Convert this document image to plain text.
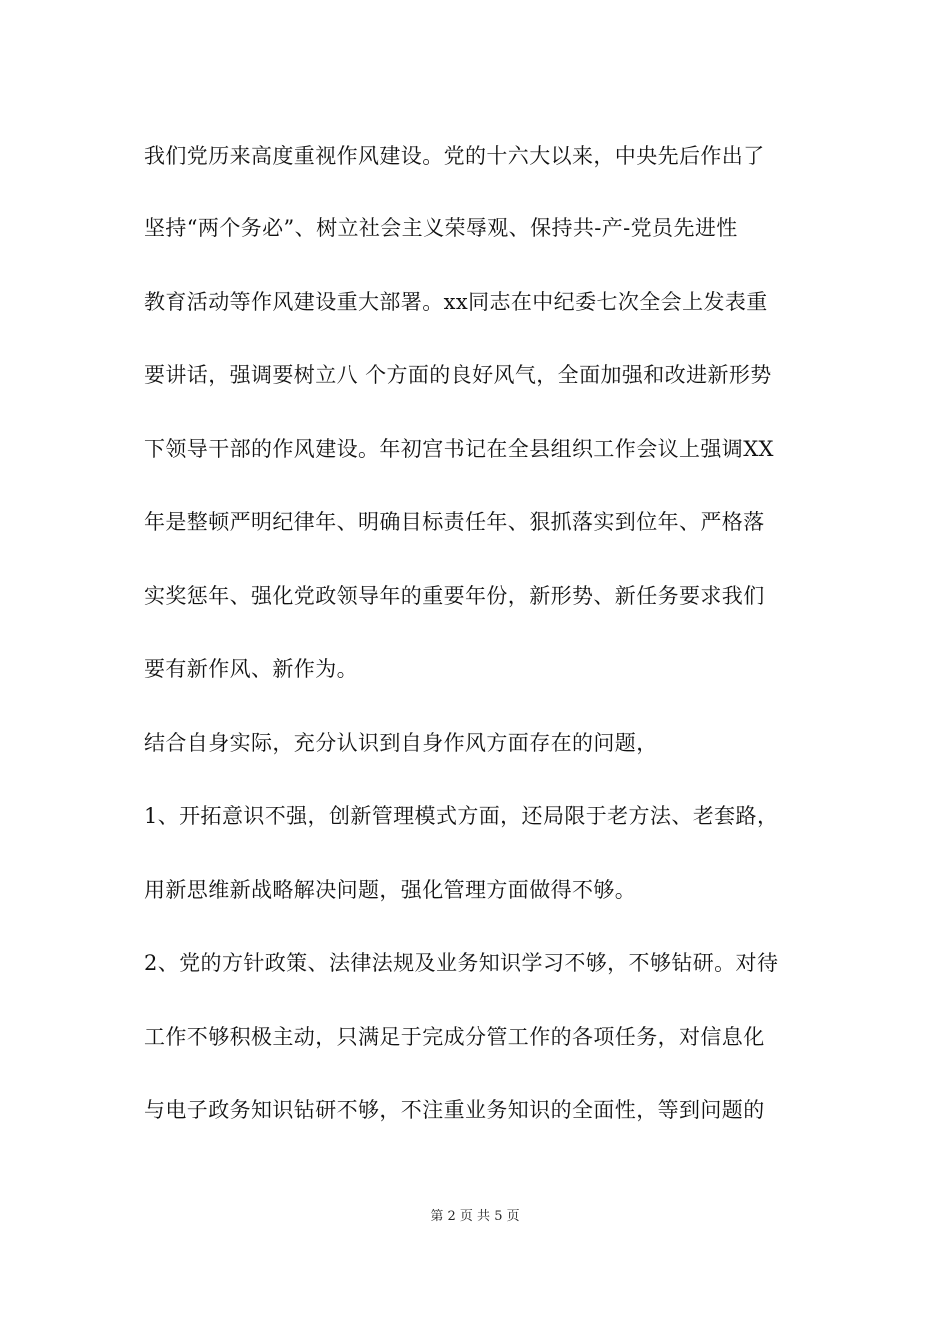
我们党历来高度重视作风建设。党的十六大以来，中央先后作出了
坚持“两个务必”、树立社会主义荣辱观、保持共-产-党员先进性
教育活动等作风建设重大部署。xx同志在中纪委七次全会上发表重
要讲话，强调要树立八 个方面的良好风气，全面加强和改进新形势
下领导干部的作风建设。年初宫书记在全县组织工作会议上强调XX
年是整顿严明纪律年、明确目标责任年、狠抓落实到位年、严格落
实奖惩年、强化党政领导年的重要年份，新形势、新任务要求我们
要有新作风、新作为。
结合自身实际，充分认识到自身作风方面存在的问题，
1、开拓意识不强，创新管理模式方面，还局限于老方法、老套路，
用新思维新战略解决问题，强化管理方面做得不够。
2、党的方针政策、法律法规及业务知识学习不够，不够钻研。对待
工作不够积极主动，只满足于完成分管工作的各项任务，对信息化
与电子政务知识钻研不够，不注重业务知识的全面性，等到问题的
第 2 页 共 5 页
